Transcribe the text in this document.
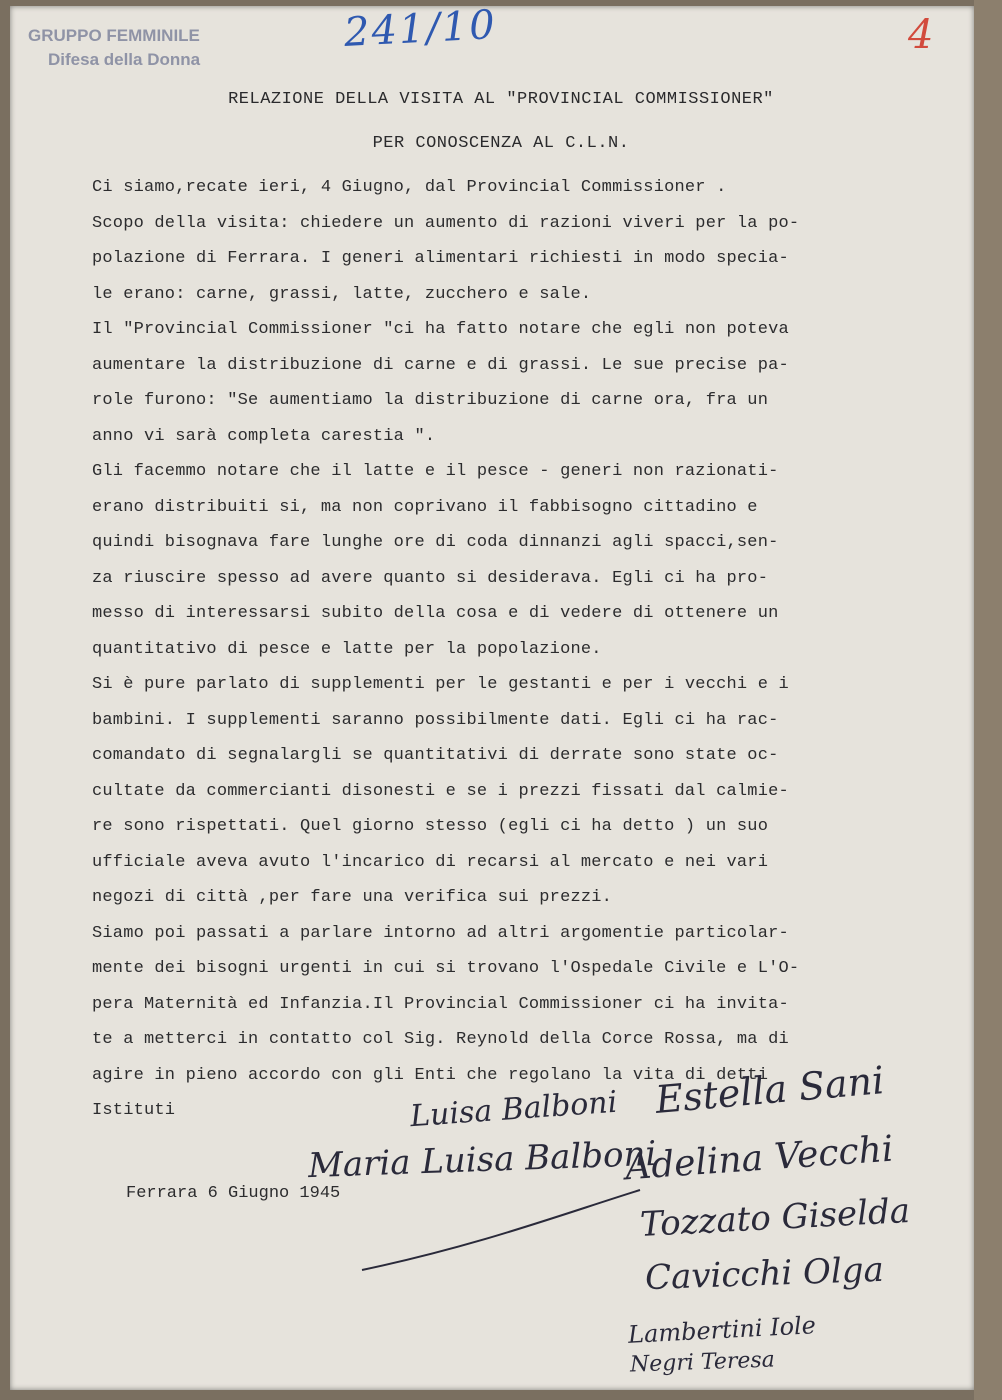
GRUPPO FEMMINILE
Difesa della Donna
241/10	4
RELAZIONE DELLA VISITA AL "PROVINCIAL COMMISSIONER"
PER CONOSCENZA AL C.L.N.
Ci siamo,recate ieri, 4 Giugno, dal Provincial Commissioner .
Scopo della visita: chiedere un aumento di razioni viveri per la po-
polazione di Ferrara. I generi alimentari richiesti in modo speciа-
le erano: carne, grassi, latte, zucchero e sale.
Il "Provincial Commissioner "ci ha fatto notare che egli non poteva
aumentare la distribuzione di carne e di grassi. Le sue precise pa-
role furono: "Se aumentiamo la distribuzione di carne ora, fra un
anno vi sarà completa carestia ".
Gli facemmo notare che il latte e il pesce - generi non razionati-
erano distribuiti si, ma non coprivano il fabbisogno cittadino e
quindi bisognava fare lunghe ore di coda dinnanzi agli spacci,sen-
za riuscire spesso ad avere quanto si desiderava. Egli ci ha pro-
messo di interessarsi subito della cosa e di vedere di ottenere un
quantitativo di pesce e latte per la popolazione.
Si è pure parlato di supplementi per le gestanti e per i vecchi e i
bambini. I supplementi saranno possibilmente dati. Egli ci ha rac-
comandato di segnalargli se quantitativi di derrate sono state oc-
cultate da commercianti disonesti e se i prezzi fissati dal calmie-
re sono rispettati. Quel giorno stesso (egli ci ha detto ) un suo
ufficiale aveva avuto l'incarico di recarsi al mercato e nei vari
negozi di città ,per fare una verifica sui prezzi.
Siamo poi passati a parlare intorno ad altri argomentie particolar-
mente dei bisogni urgenti in cui si trovano l'Ospedale Civile e L'O-
pera Maternità ed Infanzia.Il Provincial Commissioner ci ha invita-
te a metterci in contatto col Sig. Reynold della Corce Rossa, ma di
agire in pieno accordo con gli Enti che regolano la vita di detti
Istituti
Ferrara 6 Giugno 1945
Luisa Balboni Estella Sani
Maria Luisa Balboni
Adelina Vecchi
Tozzato Giselda
Cavicchi Olga
Lambertini Iole
Negri Teresa
